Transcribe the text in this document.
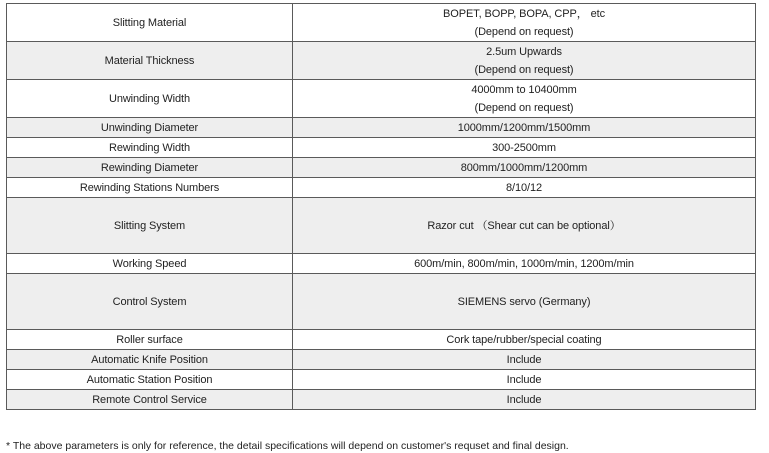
Slitting Material	BOPET, BOPP, BOPA, CPP， etc
(Depend on request)

Material Thickness	2.5um Upwards
(Depend on request)

Unwinding Width	4000mm to 10400mm
(Depend on request)

Unwinding Diameter	1000mm/1200mm/1500mm
Rewinding Width	300-2500mm
Rewinding Diameter	800mm/1000mm/1200mm
Rewinding Stations Numbers	8/10/12
Slitting System	Razor cut （Shear cut can be optional）
Working Speed	600m/min, 800m/min, 1000m/min, 1200m/min
Control System	SIEMENS servo (Germany)
Roller surface	Cork tape/rubber/special coating
Automatic Knife Position	Include
Automatic Station Position	Include
Remote Control Service	Include
* The above parameters is only for reference, the detail specifications will depend on customer's requset and final design.
